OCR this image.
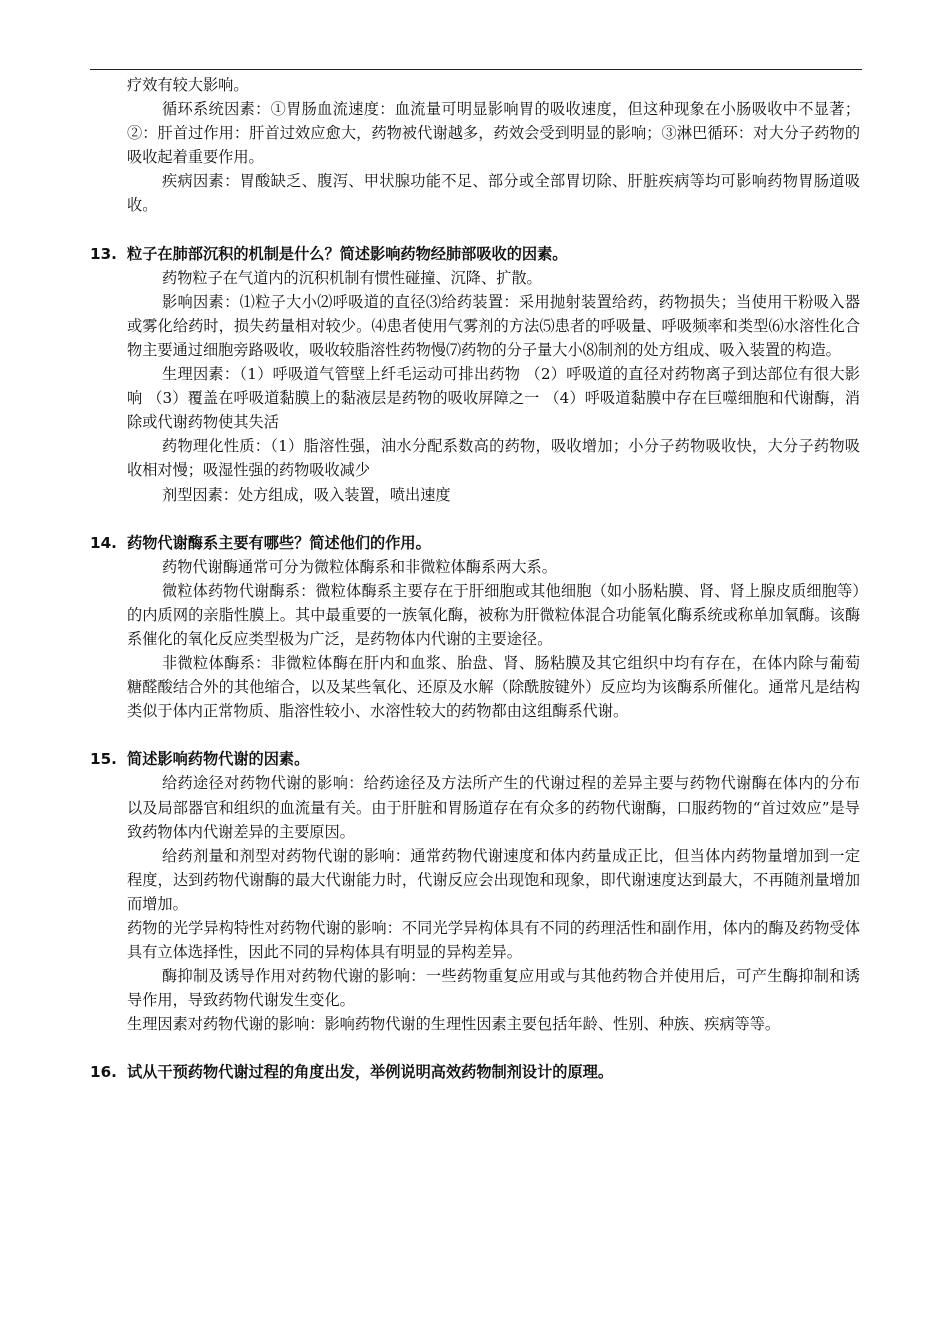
疗效有较大影响。

循环系统因素：①胃肠血流速度：血流量可明显影响胃的吸收速度，但这种现象在小肠吸收中不显著；②：肝首过作用：肝首过效应愈大，药物被代谢越多，药效会受到明显的影响；③淋巴循环：对大分子药物的吸收起着重要作用。

疾病因素：胃酸缺乏、腹泻、甲状腺功能不足、部分或全部胃切除、肝脏疾病等均可影响药物胃肠道吸收。

13. 粒子在肺部沉积的机制是什么？简述影响药物经肺部吸收的因素。

药物粒子在气道内的沉积机制有惯性碰撞、沉降、扩散。

影响因素：⑴粒子大小⑵呼吸道的直径⑶给药装置：采用抛射装置给药，药物损失；当使用干粉吸入器或雾化给药时，损失药量相对较少。⑷患者使用气雾剂的方法⑸患者的呼吸量、呼吸频率和类型⑹水溶性化合物主要通过细胞旁路吸收，吸收较脂溶性药物慢⑺药物的分子量大小⑻制剂的处方组成、吸入装置的构造。

生理因素：（1）呼吸道气管壁上纤毛运动可排出药物 （2）呼吸道的直径对药物离子到达部位有很大影响 （3）覆盖在呼吸道黏膜上的黏液层是药物的吸收屏障之一 （4）呼吸道黏膜中存在巨噬细胞和代谢酶，消除或代谢药物使其失活

药物理化性质：（1）脂溶性强，油水分配系数高的药物，吸收增加；小分子药物吸收快，大分子药物吸收相对慢；吸湿性强的药物吸收减少

剂型因素：处方组成，吸入装置，喷出速度

14. 药物代谢酶系主要有哪些？简述他们的作用。

药物代谢酶通常可分为微粒体酶系和非微粒体酶系两大系。

微粒体药物代谢酶系：微粒体酶系主要存在于肝细胞或其他细胞（如小肠粘膜、肾、肾上腺皮质细胞等）的内质网的亲脂性膜上。其中最重要的一族氧化酶，被称为肝微粒体混合功能氧化酶系统或称单加氧酶。该酶系催化的氧化反应类型极为广泛，是药物体内代谢的主要途径。

非微粒体酶系：非微粒体酶在肝内和血浆、胎盘、肾、肠粘膜及其它组织中均有存在，在体内除与葡萄糖醛酸结合外的其他缩合，以及某些氧化、还原及水解（除酰胺键外）反应均为该酶系所催化。通常凡是结构类似于体内正常物质、脂溶性较小、水溶性较大的药物都由这组酶系代谢。

15. 简述影响药物代谢的因素。

给药途径对药物代谢的影响：给药途径及方法所产生的代谢过程的差异主要与药物代谢酶在体内的分布以及局部器官和组织的血流量有关。由于肝脏和胃肠道存在有众多的药物代谢酶，口服药物的“首过效应”是导致药物体内代谢差异的主要原因。

给药剂量和剂型对药物代谢的影响：通常药物代谢速度和体内药量成正比，但当体内药物量增加到一定程度，达到药物代谢酶的最大代谢能力时，代谢反应会出现饱和现象，即代谢速度达到最大，不再随剂量增加而增加。

药物的光学异构特性对药物代谢的影响：不同光学异构体具有不同的药理活性和副作用，体内的酶及药物受体具有立体选择性，因此不同的异构体具有明显的异构差异。

酶抑制及诱导作用对药物代谢的影响：一些药物重复应用或与其他药物合并使用后，可产生酶抑制和诱导作用，导致药物代谢发生变化。

生理因素对药物代谢的影响：影响药物代谢的生理性因素主要包括年龄、性别、种族、疾病等等。

16. 试从干预药物代谢过程的角度出发，举例说明高效药物制剂设计的原理。
